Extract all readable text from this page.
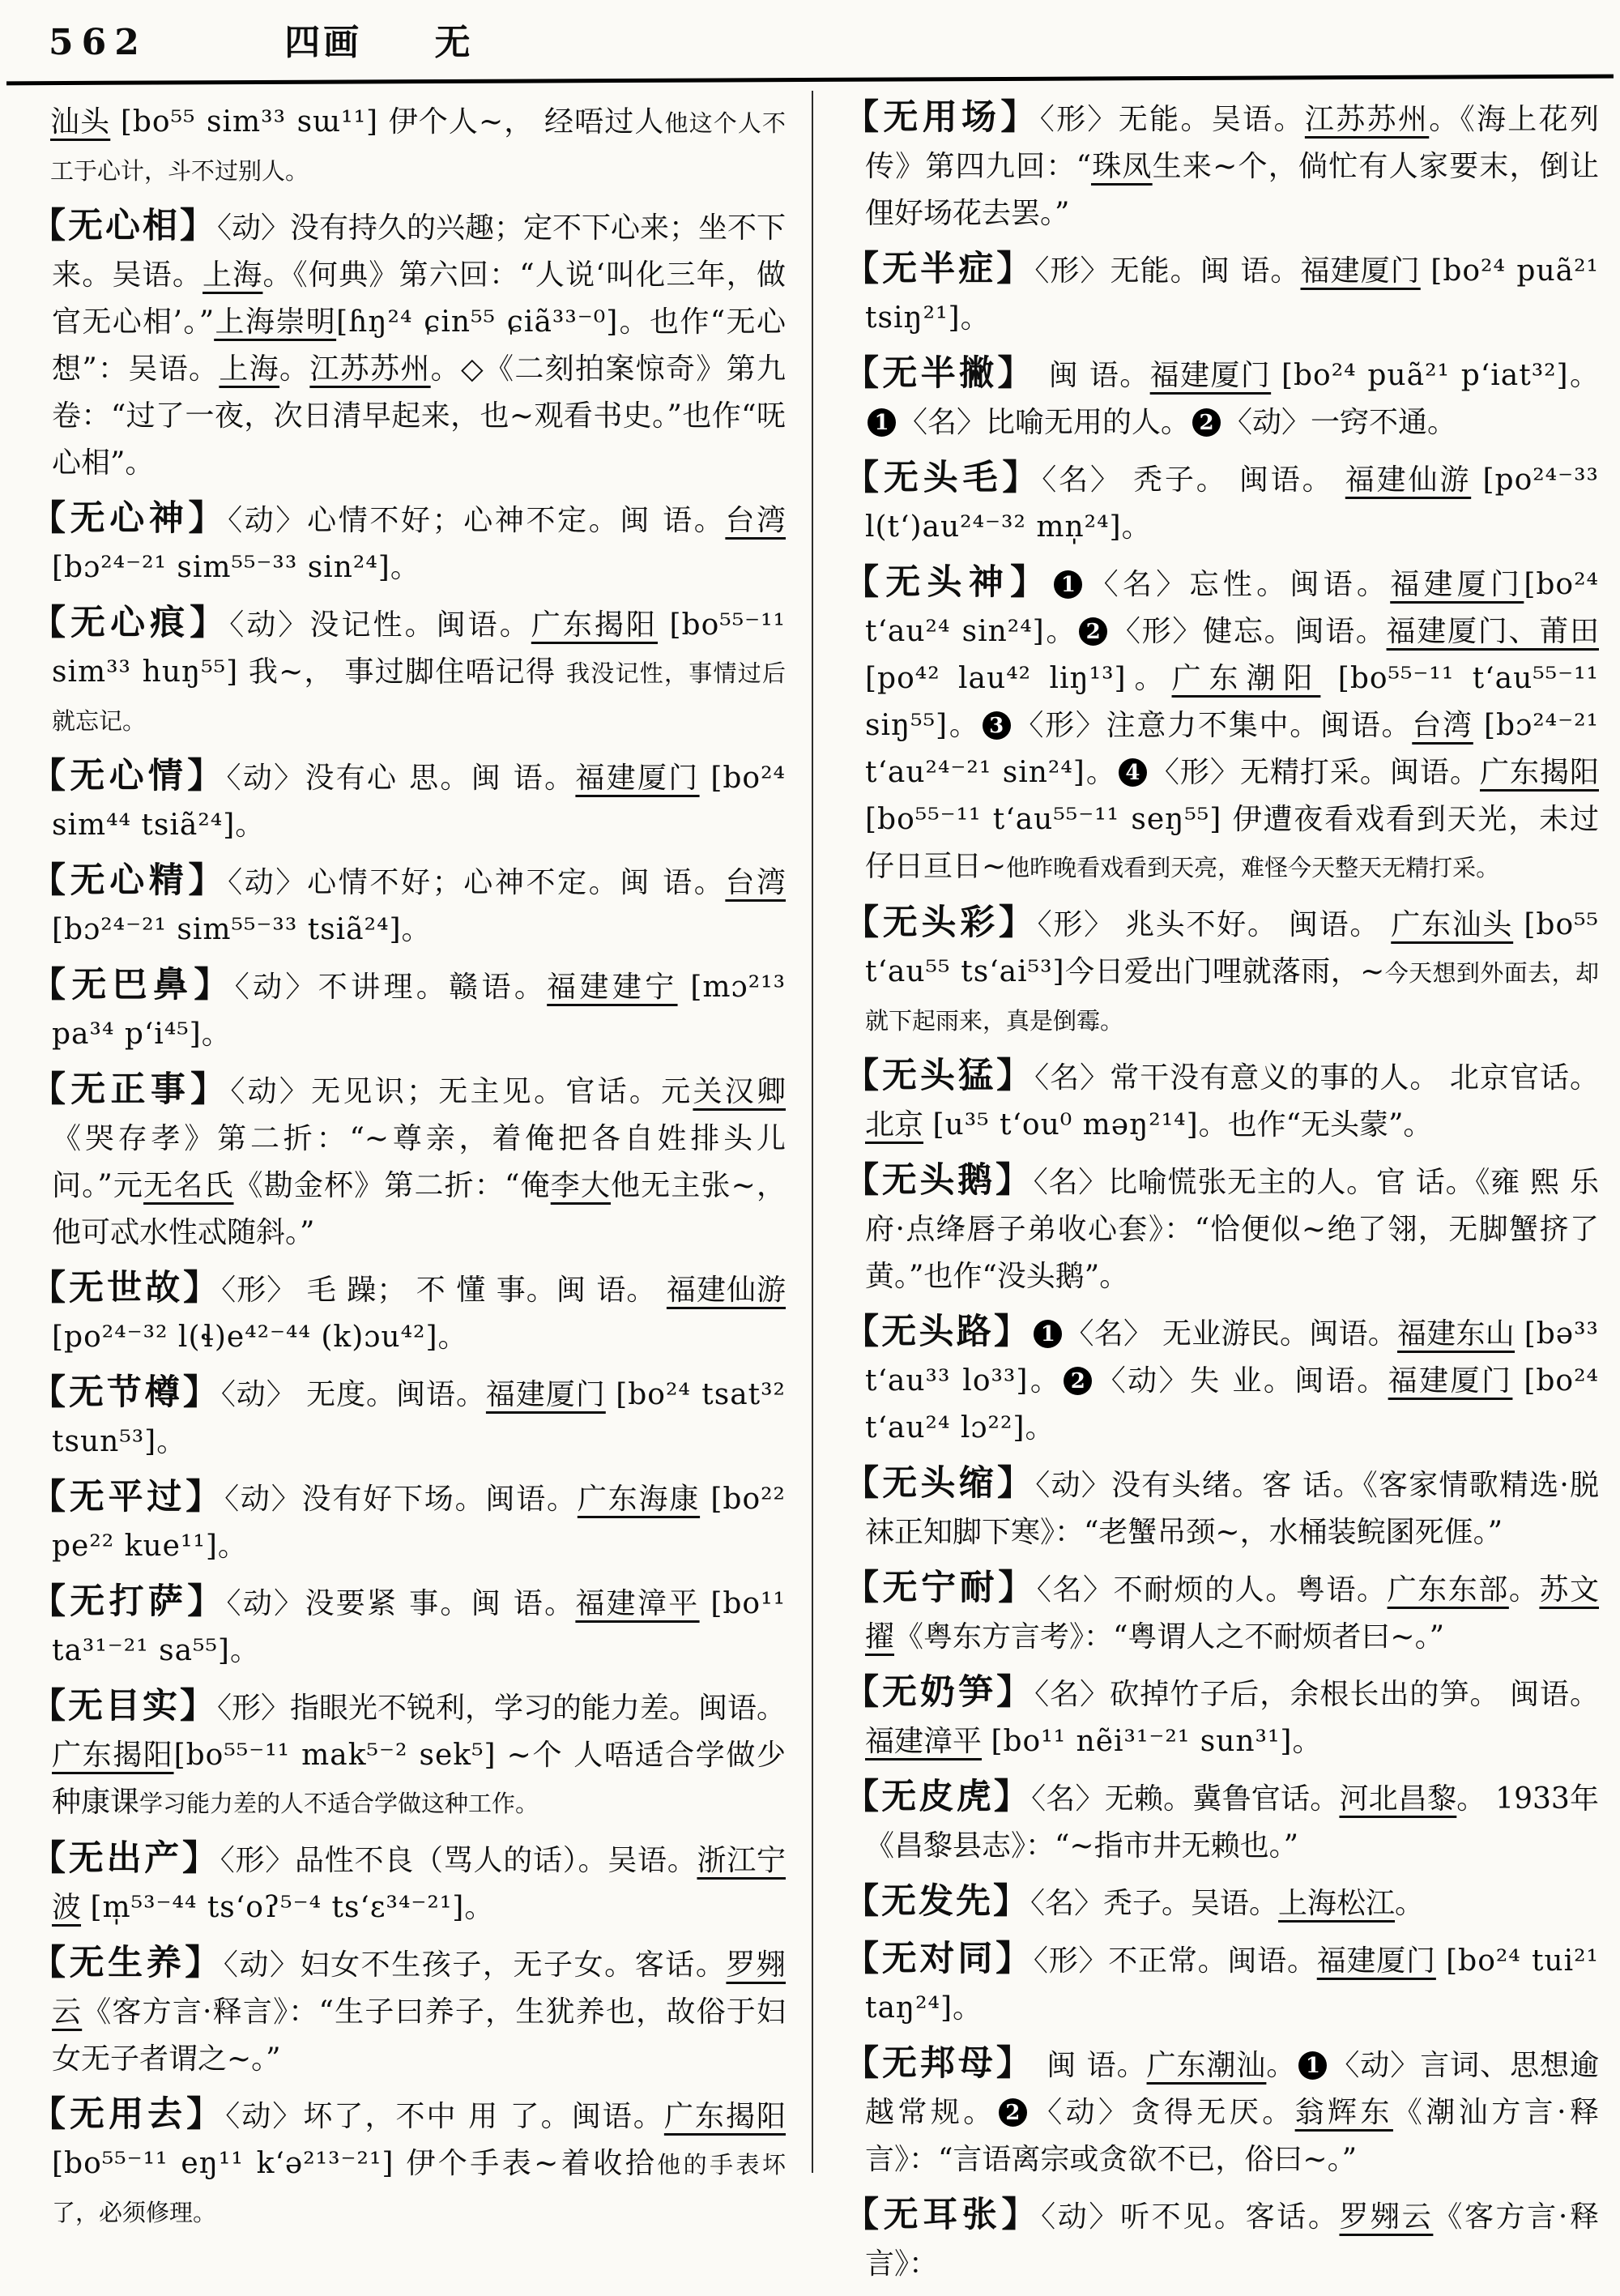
562	四画 无

汕头 [bo⁵⁵ sim³³ sɯ¹¹] 伊个人~， 经唔过人他这个人不工于心计，斗不过别人。

【无心相】〈动〉没有持久的兴趣；定不下心来；坐不下来。吴语。上海。《何典》第六回：“人说‘叫化三年，做官无心相’。”上海崇明[ɦŋ²⁴ ɕin⁵⁵ ɕiã³³⁻⁰]。也作“无心想”：吴语。上海。江苏苏州。◇《二刻拍案惊奇》第九卷：“过了一夜，次日清早起来，也~观看书史。”也作“呒心相”。

【无心神】〈动〉心情不好；心神不定。闽 语。台湾 [bɔ²⁴⁻²¹ sim⁵⁵⁻³³ sin²⁴]。

【无心痕】〈动〉没记性。闽语。广东揭阳 [bo⁵⁵⁻¹¹ sim³³ huŋ⁵⁵] 我~， 事过脚住唔记得 我没记性，事情过后就忘记。

【无心情】〈动〉没有心 思。闽 语。福建厦门 [bo²⁴ sim⁴⁴ tsiã²⁴]。

【无心精】〈动〉心情不好；心神不定。闽 语。台湾 [bɔ²⁴⁻²¹ sim⁵⁵⁻³³ tsiã²⁴]。

【无巴鼻】〈动〉不讲理。赣语。福建建宁 [mɔ²¹³ pa³⁴ p‘i⁴⁵]。

【无正事】〈动〉无见识；无主见。官话。元关汉卿《哭存孝》第二折：“~尊亲，着俺把各自姓排头儿问。”元无名氏《勘金杯》第二折：“俺李大他无主张~，他可忒水性忒随斜。”

【无世故】〈形〉 毛 躁； 不 懂 事。闽 语。 福建仙游 [po²⁴⁻³² l(ɬ)e⁴²⁻⁴⁴ (k)ɔu⁴²]。

【无节樽】〈动〉 无度。闽语。福建厦门 [bo²⁴ tsat³² tsun⁵³]。

【无平过】〈动〉没有好下场。闽语。广东海康 [bo²² pe²² kue¹¹]。

【无打萨】〈动〉没要紧 事。闽 语。福建漳平 [bo¹¹ ta³¹⁻²¹ sa⁵⁵]。

【无目实】〈形〉指眼光不锐利，学习的能力差。闽语。广东揭阳[bo⁵⁵⁻¹¹ mak⁵⁻² sek⁵] ~个 人唔适合学做少种康课学习能力差的人不适合学做这种工作。

【无出产】〈形〉品性不良（骂人的话）。吴语。浙江宁波 [m̩⁵³⁻⁴⁴ ts‘oʔ⁵⁻⁴ ts‘ɛ³⁴⁻²¹]。

【无生养】〈动〉妇女不生孩子，无子女。客话。罗翙云《客方言·释言》：“生子曰养子，生犹养也，故俗于妇女无子者谓之~。”

【无用去】〈动〉坏了，不中 用 了。闽语。广东揭阳 [bo⁵⁵⁻¹¹ eŋ¹¹ k‘ə²¹³⁻²¹] 伊个手表~着收拾他的手表坏了，必须修理。

【无用场】〈形〉无能。吴语。江苏苏州。《海上花列传》第四九回：“珠凤生来~个，倘忙有人家要末，倒让俚好场花去罢。”

【无半症】〈形〉无能。闽 语。福建厦门 [bo²⁴ puã²¹ tsiŋ²¹]。

【无半撇】　闽 语。福建厦门 [bo²⁴ puã²¹ p‘iat³²]。1 〈名〉比喻无用的人。 2 〈动〉一窍不通。

【无头毛】〈名〉 秃子。 闽语。 福建仙游 [po²⁴⁻³³ l(t‘)au²⁴⁻³² mn̩²⁴]。

【无头神】 1 〈名〉忘性。闽语。福建厦门[bo²⁴ t‘au²⁴ sin²⁴]。 2 〈形〉健忘。闽语。福建厦门、莆田 [po⁴² lau⁴² liŋ¹³]。广东潮阳 [bo⁵⁵⁻¹¹ t‘au⁵⁵⁻¹¹ siŋ⁵⁵]。 3 〈形〉注意力不集中。闽语。台湾 [bɔ²⁴⁻²¹ t‘au²⁴⁻²¹ sin²⁴]。 4 〈形〉无精打采。闽语。广东揭阳 [bo⁵⁵⁻¹¹ t‘au⁵⁵⁻¹¹ seŋ⁵⁵] 伊遭夜看戏看到天光，未过仔日亘日~他昨晚看戏看到天亮，难怪今天整天无精打采。

【无头彩】〈形〉 兆头不好。 闽语。 广东汕头 [bo⁵⁵ t‘au⁵⁵ ts‘ai⁵³]今日爱出门哩就落雨，~今天想到外面去，却就下起雨来，真是倒霉。

【无头猛】〈名〉常干没有意义的事的人。 北京官话。北京 [u³⁵ t‘ou⁰ məŋ²¹⁴]。也作“无头蒙”。

【无头鹅】〈名〉比喻慌张无主的人。官 话。《雍 熙 乐府·点绛唇子弟收心套》：“恰便似~绝了翎，无脚蟹挤了黄。”也作“没头鹅”。

【无头路】 1 〈名〉 无业游民。闽语。福建东山 [bə³³ t‘au³³ lo³³]。 2 〈动〉失 业。闽语。福建厦门 [bo²⁴ t‘au²⁴ lɔ²²]。

【无头缩】〈动〉没有头绪。客 话。《客家情歌精选·脱袜正知脚下寒》：“老蟹吊颈~，水桶装鲩圂死𠊎。”

【无宁耐】〈名〉不耐烦的人。粤语。广东东部。苏文擢《粤东方言考》：“粤谓人之不耐烦者曰~。”

【无奶笋】〈名〉砍掉竹子后，余根长出的笋。 闽语。福建漳平 [bo¹¹ nẽi³¹⁻²¹ sun³¹]。

【无皮虎】〈名〉无赖。冀鲁官话。河北昌黎。 1933年《昌黎县志》：“~指市井无赖也。”

【无发先】〈名〉秃子。吴语。上海松江。

【无对同】〈形〉不正常。闽语。福建厦门 [bo²⁴ tui²¹ taŋ²⁴]。

【无邦母】　闽 语。广东潮汕。 1 〈动〉言词、思想逾越常规。 2 〈动〉贪得无厌。翁辉东《潮汕方言·释言》：“言语离宗或贪欲不已，俗曰~。”

【无耳张】〈动〉听不见。客话。罗翙云《客方言·释言》：
